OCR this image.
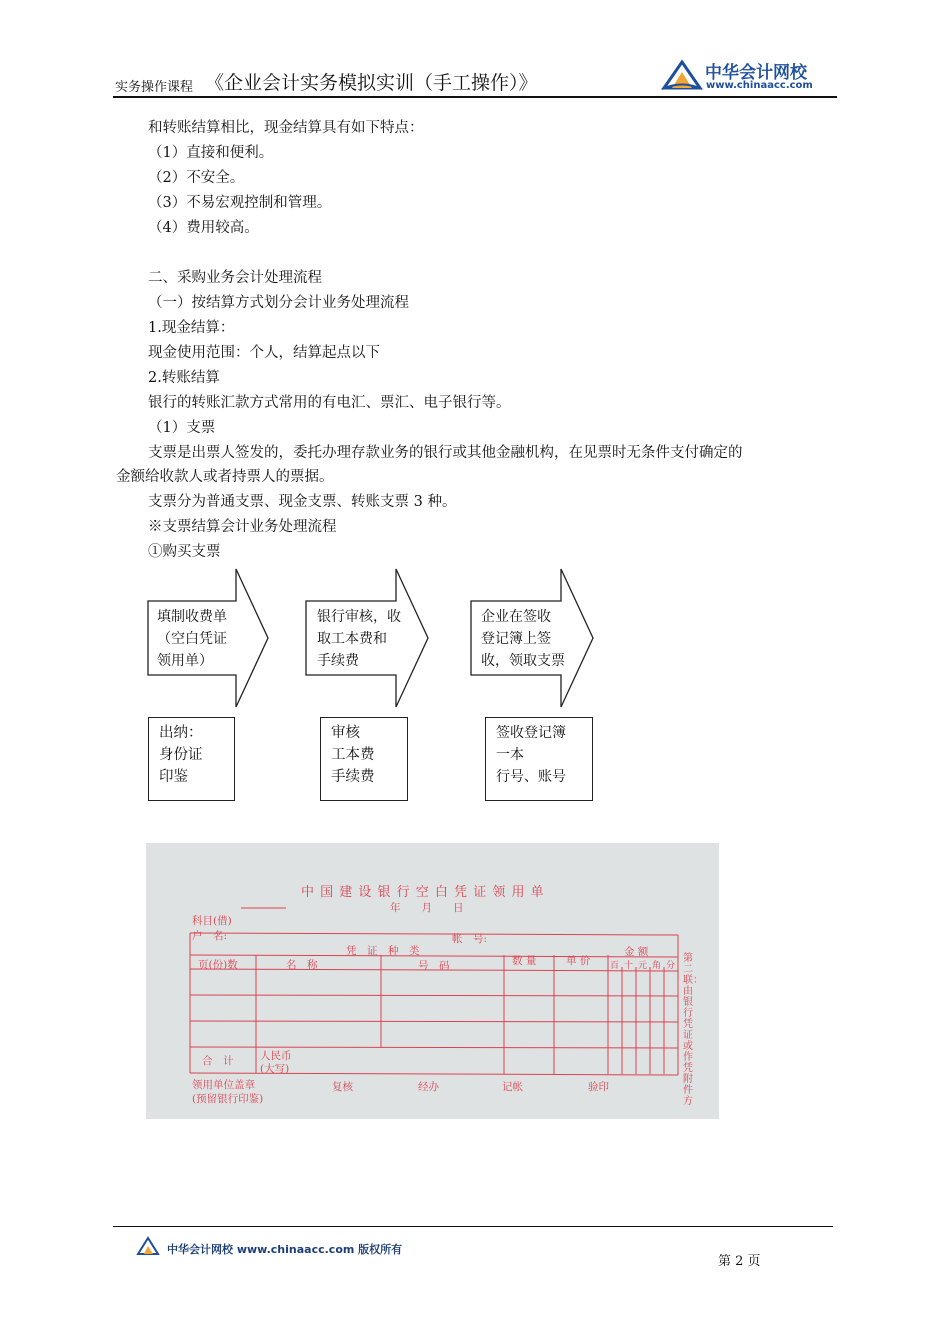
实务操作课程 《企业会计实务模拟实训（手工操作）》	中华会计网校
www.chinaacc.com
和转账结算相比，现金结算具有如下特点：
（1）直接和便利。
（2）不安全。
（3）不易宏观控制和管理。
（4）费用较高。
二、采购业务会计处理流程
（一）按结算方式划分会计业务处理流程
1.现金结算：
现金使用范围：个人，结算起点以下
2.转账结算
银行的转账汇款方式常用的有电汇、票汇、电子银行等。
（1）支票
支票是出票人签发的，委托办理存款业务的银行或其他金融机构，在见票时无条件支付确定的
金额给收款人或者持票人的票据。
支票分为普通支票、现金支票、转账支票 3 种。
※支票结算会计业务处理流程
①购买支票
填制收费单
（空白凭证
领用单）
银行审核，收
取工本费和
手续费
企业在签收
登记簿上签
收，领取支票
出纳：
身份证
印鉴
审核
工本费
手续费
签收登记簿
一本
行号、账号
中 国 建 设 银 行 空 白 凭 证 领 用 单
年　　月　　日
科目(借)
户　名:	帐　号:
凭　证　种　类
页(份)数	名　称	号　码	数 量	单 价
金 额
百 十 元 角 分
合　计	人民币
(大写)
第二联：由银行凭证或作凭附件方
领用单位盖章
(预留银行印鉴)
复核	经办	记帐	验印
中华会计网校 www.chinaacc.com 版权所有
第 2 页
